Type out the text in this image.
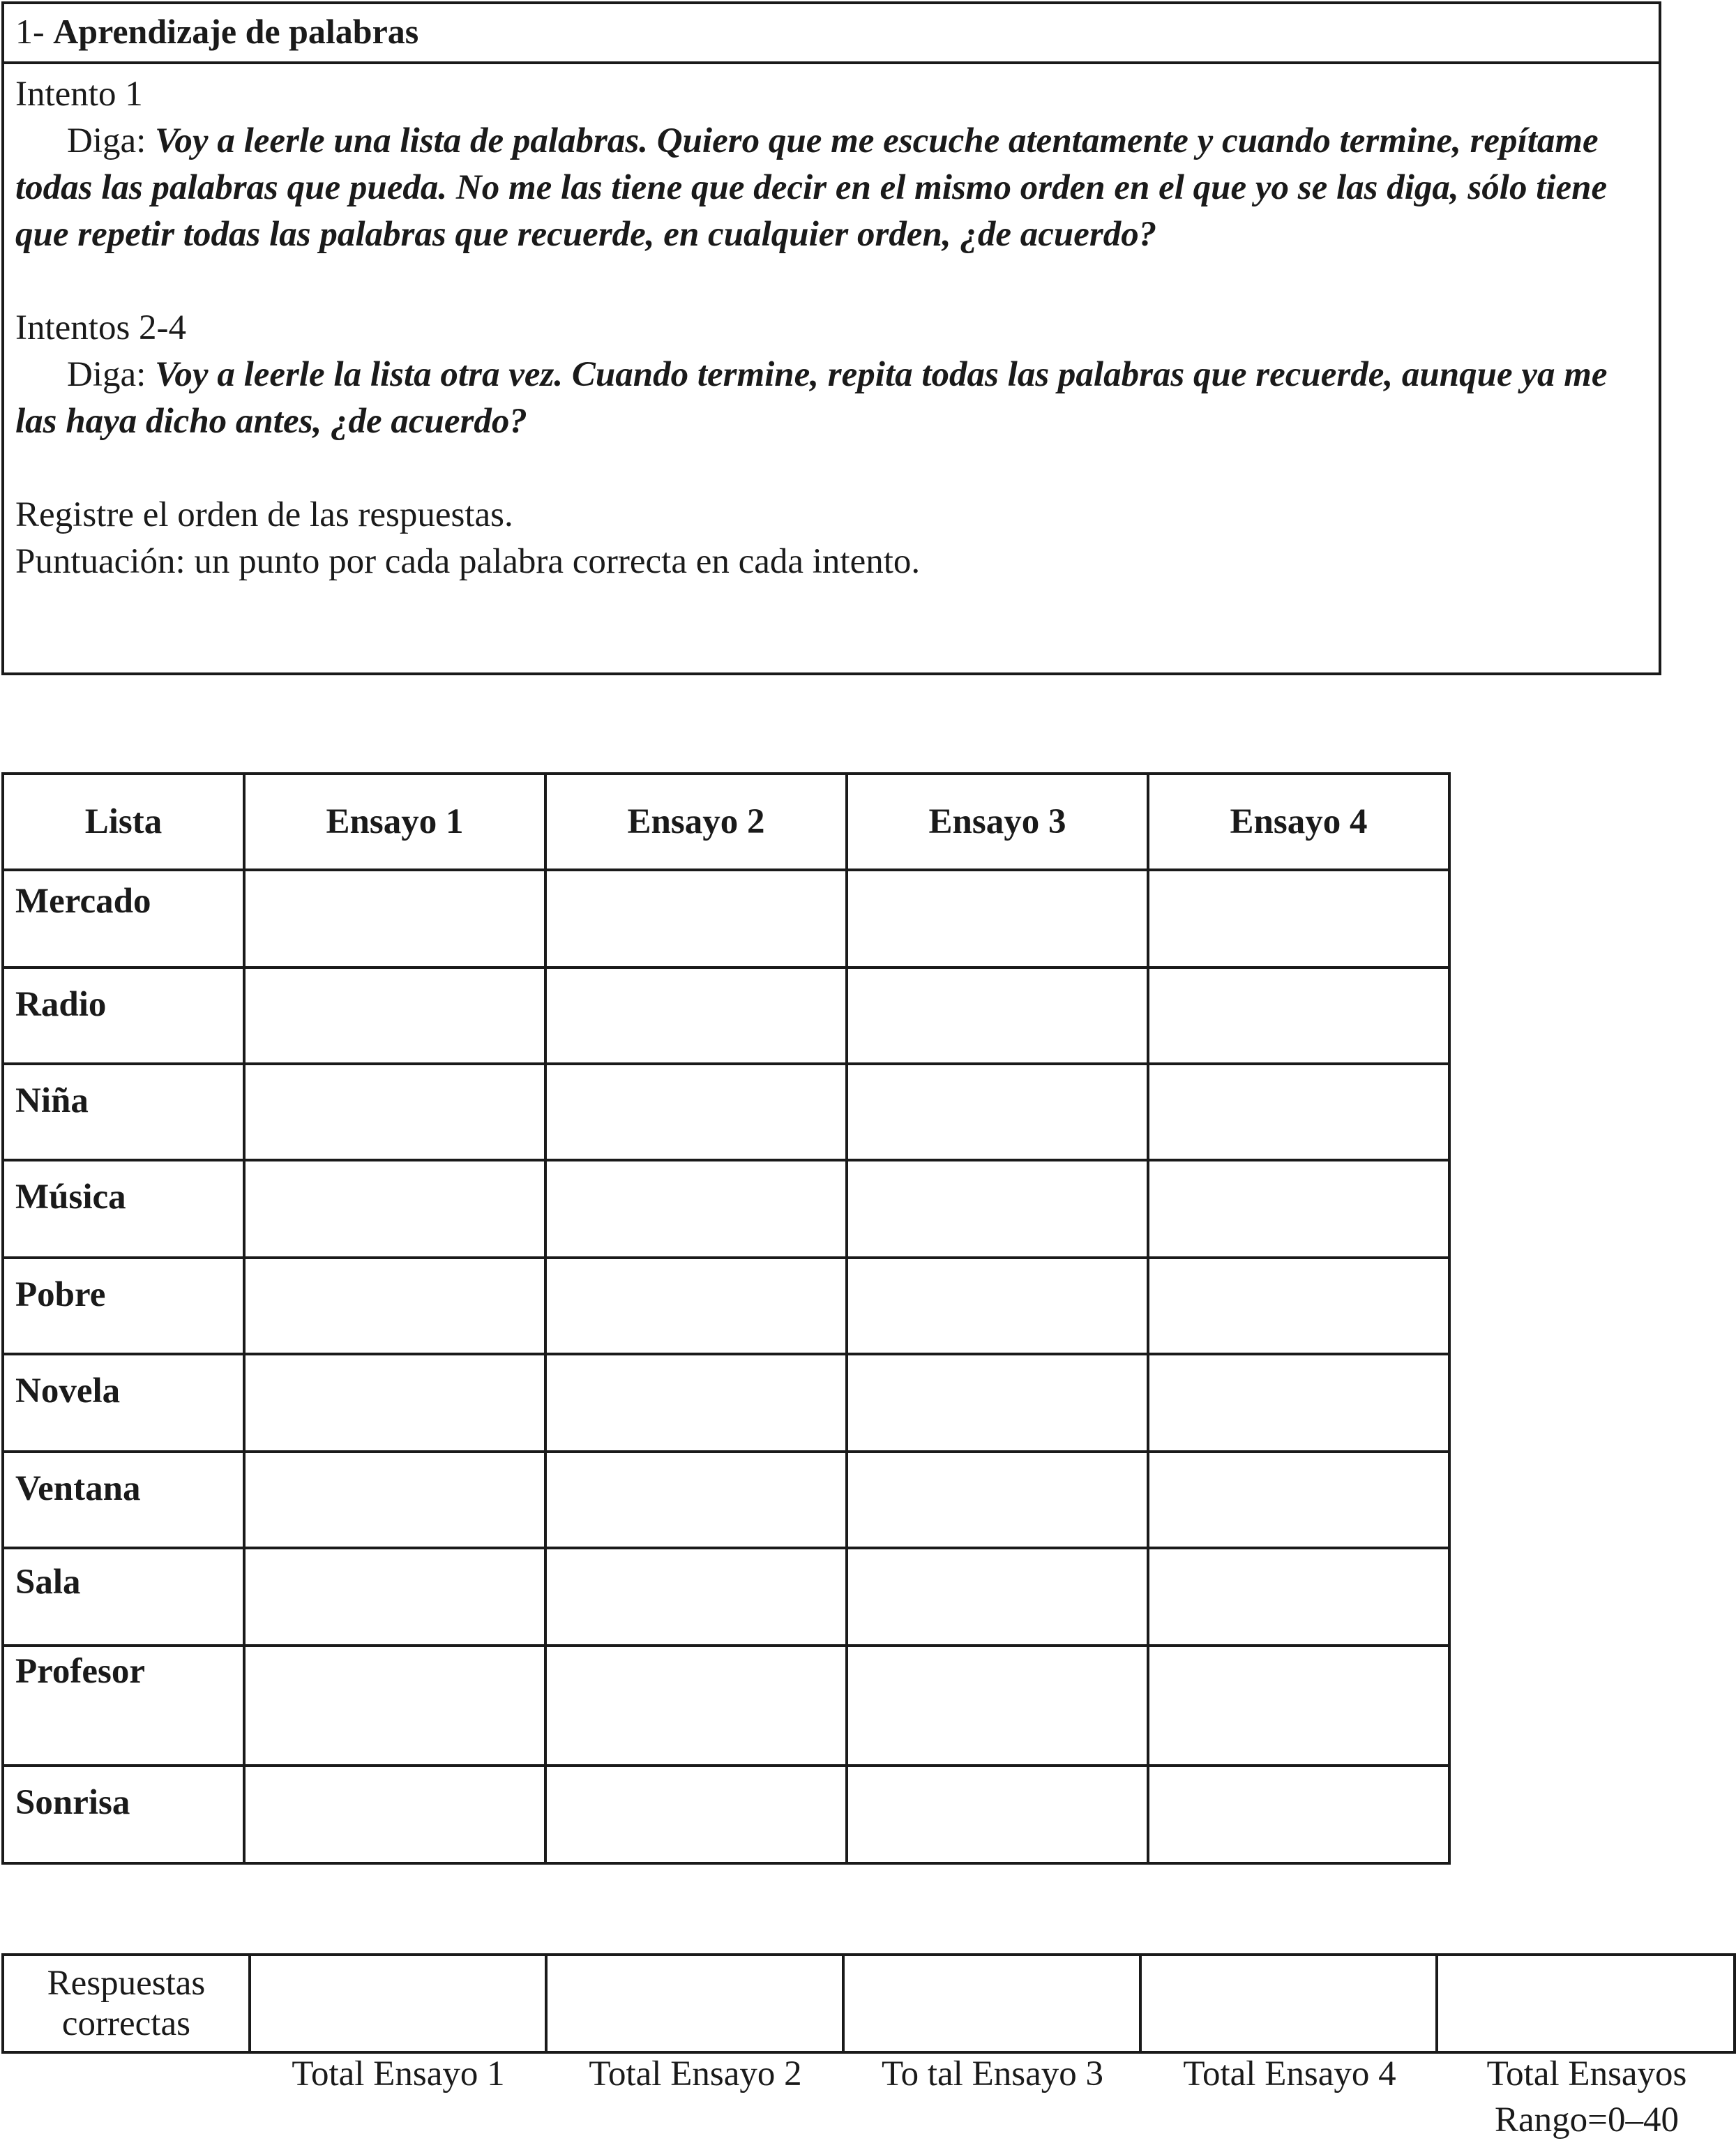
1- Aprendizaje de palabras

Intento 1

Diga: Voy a leerle una lista de palabras. Quiero que me escuche atentamente y cuando termine, repítame todas las palabras que pueda. No me las tiene que decir en el mismo orden en el que yo se las diga, sólo tiene que repetir todas las palabras que recuerde, en cualquier orden, ¿de acuerdo?

Intentos 2-4

Diga: Voy a leerle la lista otra vez. Cuando termine, repita todas las palabras que recuerde, aunque ya me las haya dicho antes, ¿de acuerdo?

Registre el orden de las respuestas.

Puntuación: un punto por cada palabra correcta en cada intento.

Lista	Ensayo 1	Ensayo 2	Ensayo 3	Ensayo 4
Mercado				
Radio				
Niña				
Música				
Pobre				
Novela				
Ventana				
Sala				
Profesor				
Sonrisa				
Respuestas correctas					
Total Ensayo 1	Total Ensayo 2	To tal Ensayo 3	Total Ensayo 4	Total Ensayos
Rango=0–40
